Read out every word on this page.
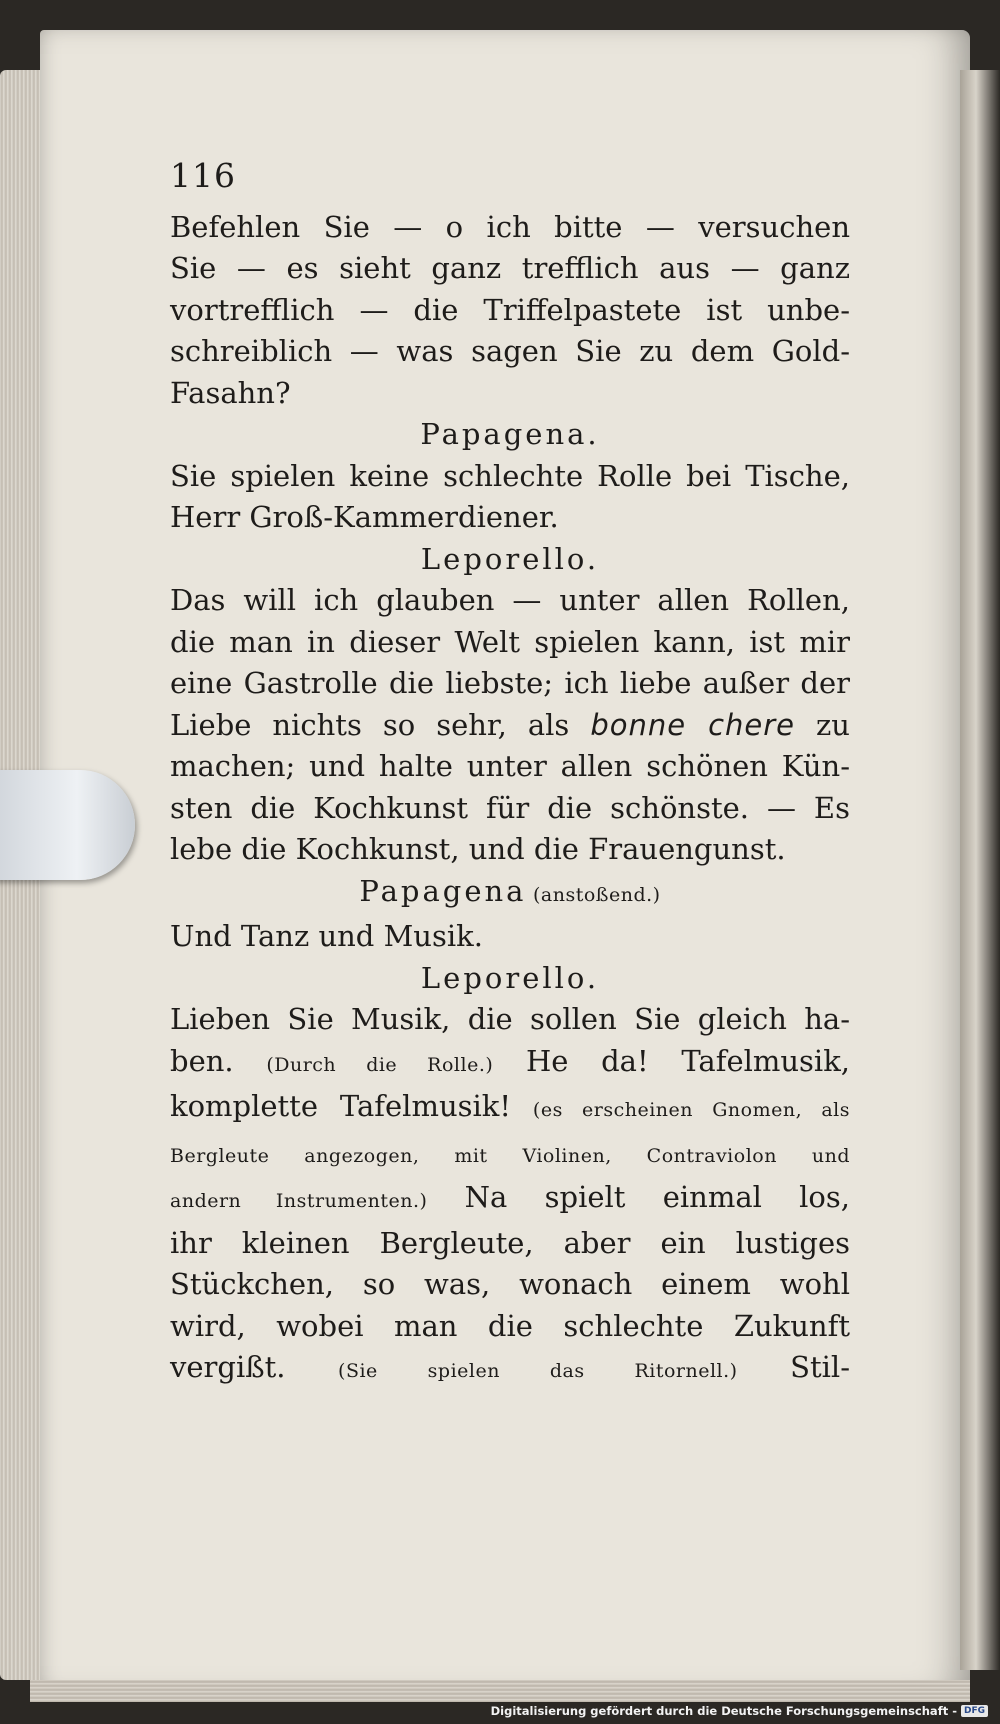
116
Befehlen Sie — o ich bitte — versuchen
Sie — es sieht ganz trefflich aus — ganz
vortrefflich — die Triffelpastete ist unbe-
schreiblich — was sagen Sie zu dem Gold-
Fasahn?
Papagena.
Sie spielen keine schlechte Rolle bei Tische,
Herr Groß-Kammerdiener.
Leporello.
Das will ich glauben — unter allen Rollen,
die man in dieser Welt spielen kann, ist mir
eine Gastrolle die liebste; ich liebe außer der
Liebe nichts so sehr, als bonne chere zu
machen; und halte unter allen schönen Kün-
sten die Kochkunst für die schönste. — Es
lebe die Kochkunst, und die Frauengunst.
Papagena (anstoßend.)
Und Tanz und Musik.
Leporello.
Lieben Sie Musik, die sollen Sie gleich ha-
ben. (Durch die Rolle.) He da! Tafelmusik,
komplette Tafelmusik! (es erscheinen Gnomen, als
Bergleute angezogen, mit Violinen, Contraviolon und
andern Instrumenten.) Na spielt einmal los,
ihr kleinen Bergleute, aber ein lustiges
Stückchen, so was, wonach einem wohl
wird, wobei man die schlechte Zukunft
vergißt. (Sie spielen das Ritornell.) Stil-
Digitalisierung gefördert durch die Deutsche Forschungsgemeinschaft - DFG
